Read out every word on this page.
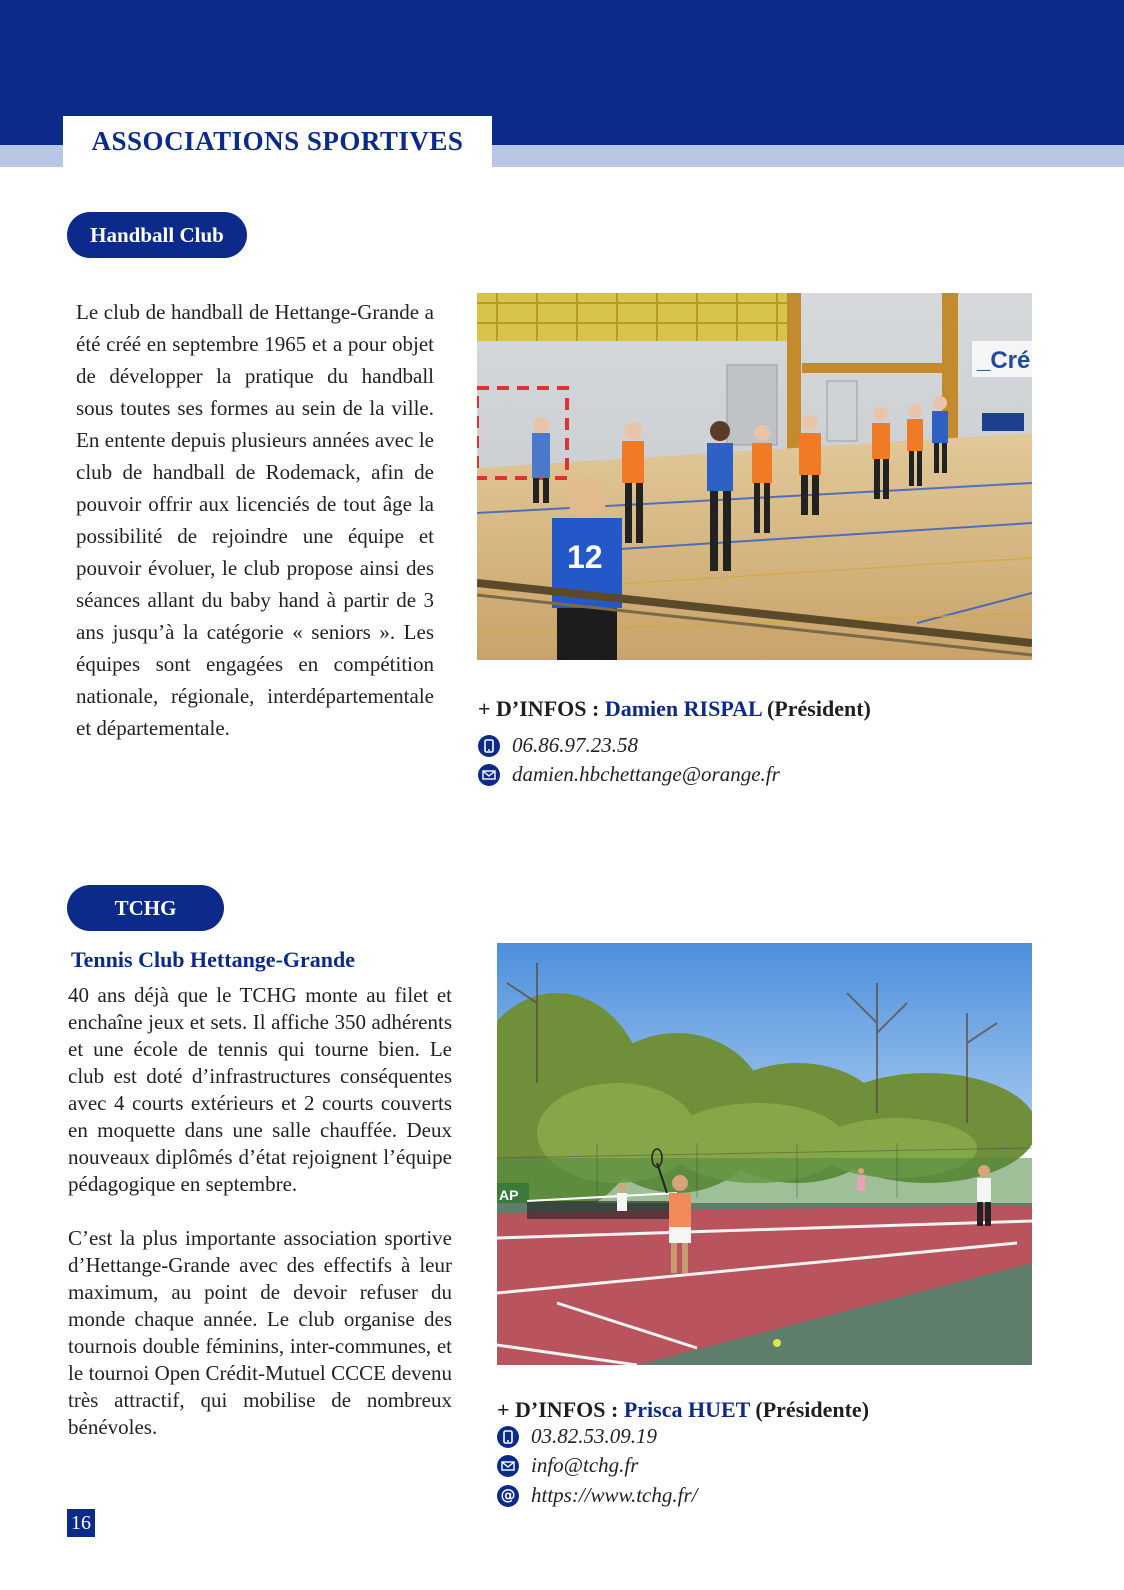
ASSOCIATIONS SPORTIVES
Handball Club
Le club de handball de Hettange-Grande a été créé en septembre 1965 et a pour objet de développer la pratique du handball sous toutes ses formes au sein de la ville. En entente depuis plusieurs années avec le club de handball de Rodemack, afin de pouvoir offrir aux licenciés de tout âge la possibilité de rejoindre une équipe et pouvoir évoluer, le club propose ainsi des séances allant du baby hand à partir de 3 ans jusqu’à la catégorie « seniors ». Les équipes sont engagées en compétition nationale, régionale, interdépartementale et départementale.
_Cré
12
+ D’INFOS : Damien RISPAL (Président)
06.86.97.23.58
damien.hbchettange@orange.fr
TCHG
Tennis Club Hettange-Grande

40 ans déjà que le TCHG monte au filet et enchaîne jeux et sets. Il affiche 350 adhérents et une école de tennis qui tourne bien. Le club est doté d’infrastructures conséquentes avec 4 courts extérieurs et 2 courts couverts en moquette dans une salle chauffée. Deux nouveaux diplômés d’état rejoignent l’équipe pédagogique en septembre.

C’est la plus importante association sportive d’Hettange-Grande avec des effectifs à leur maximum, au point de devoir refuser du monde chaque année. Le club organise des tournois double féminins, inter-communes, et le tournoi Open Crédit-Mutuel CCCE devenu très attractif, qui mobilise de nombreux bénévoles.

AP
+ D’INFOS : Prisca HUET (Présidente)
03.82.53.09.19
info@tchg.fr
@ https://www.tchg.fr/
16
